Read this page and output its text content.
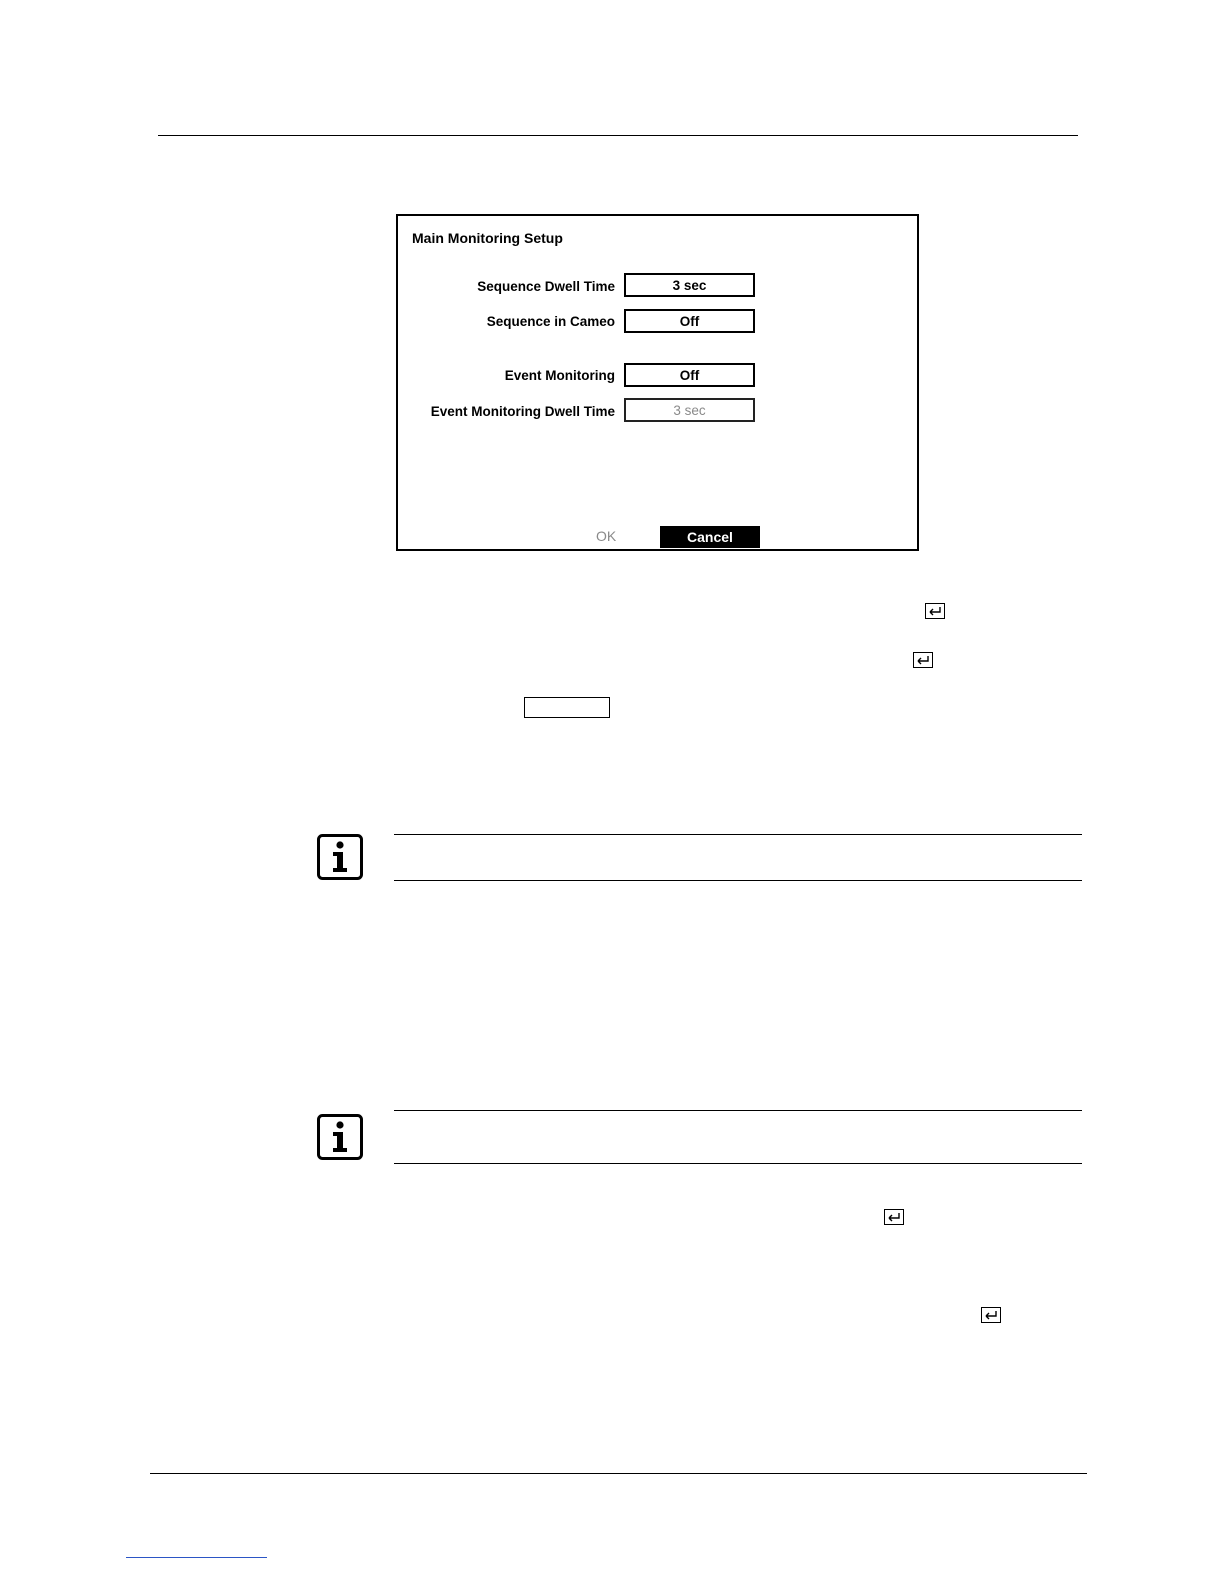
Main Monitoring Setup
Sequence Dwell Time	3 sec
Sequence in Cameo	Off
Event Monitoring	Off
Event Monitoring Dwell Time	3 sec
OK	Cancel
